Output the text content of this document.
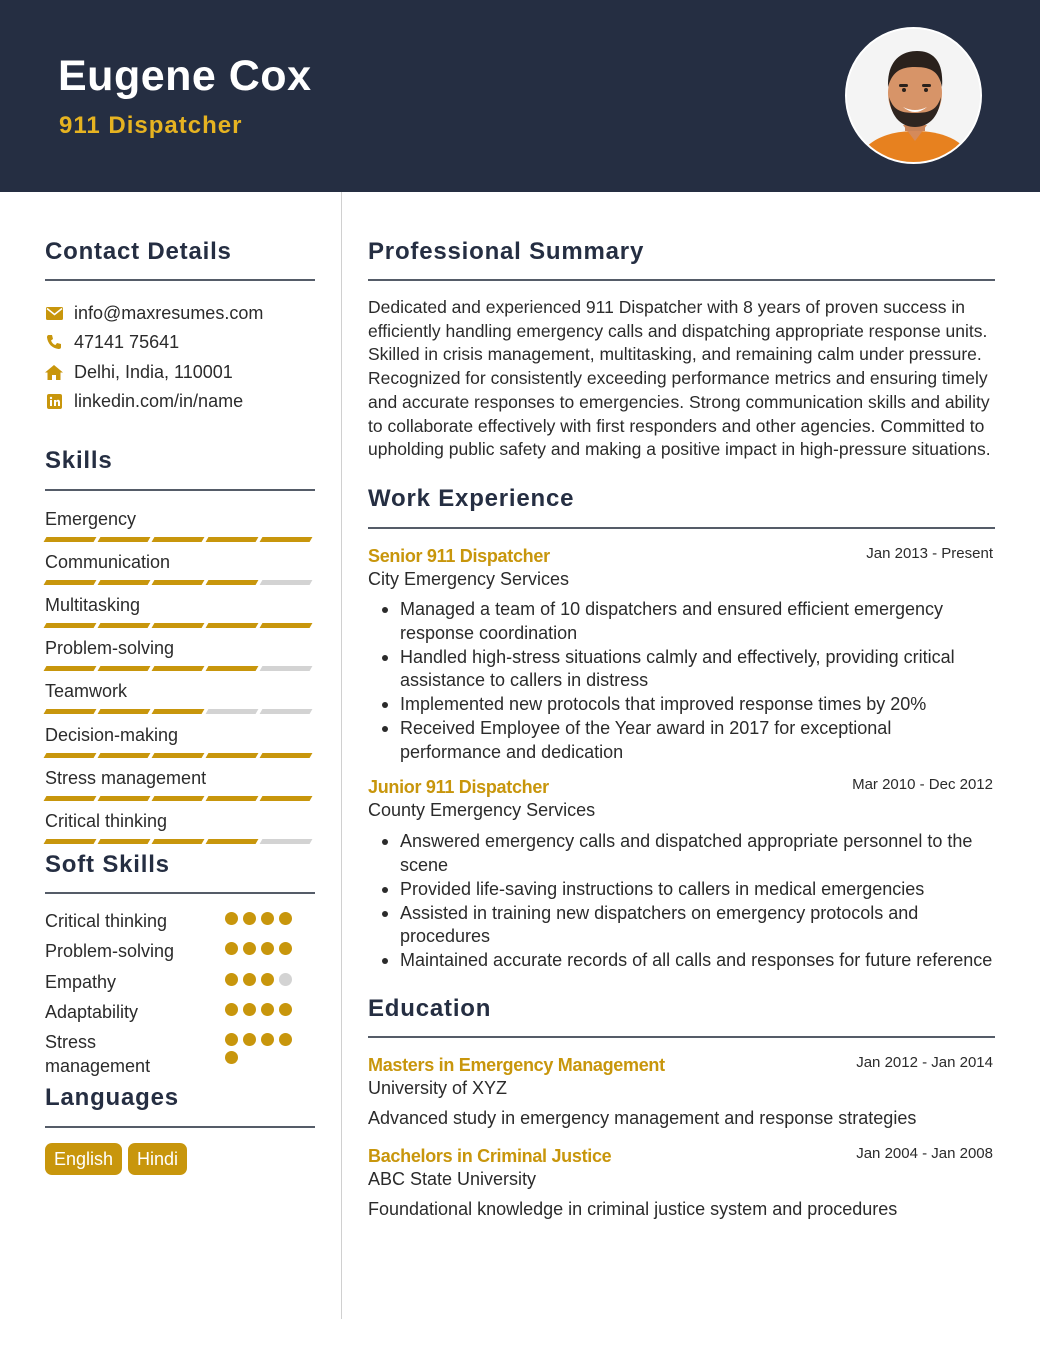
Eugene Cox
911 Dispatcher
Contact Details
info@maxresumes.com
47141 75641
Delhi, India, 110001
linkedin.com/in/name
Skills
Emergency
Communication
Multitasking
Problem-solving
Teamwork
Decision-making
Stress management
Critical thinking
Soft Skills
Critical thinking
Problem-solving
Empathy
Adaptability
Stress management
Languages
English	Hindi
Professional Summary
Dedicated and experienced 911 Dispatcher with 8 years of proven success in efficiently handling emergency calls and dispatching appropriate response units. Skilled in crisis management, multitasking, and remaining calm under pressure. Recognized for consistently exceeding performance metrics and ensuring timely and accurate responses to emergencies. Strong communication skills and ability to collaborate effectively with first responders and other agencies. Committed to upholding public safety and making a positive impact in high-pressure situations.
Work Experience
Senior 911 Dispatcher	Jan 2013 - Present
City Emergency Services
Managed a team of 10 dispatchers and ensured efficient emergency response coordination
Handled high-stress situations calmly and effectively, providing critical assistance to callers in distress
Implemented new protocols that improved response times by 20%
Received Employee of the Year award in 2017 for exceptional performance and dedication
Junior 911 Dispatcher	Mar 2010 - Dec 2012
County Emergency Services
Answered emergency calls and dispatched appropriate personnel to the scene
Provided life-saving instructions to callers in medical emergencies
Assisted in training new dispatchers on emergency protocols and procedures
Maintained accurate records of all calls and responses for future reference
Education
Masters in Emergency Management	Jan 2012 - Jan 2014
University of XYZ
Advanced study in emergency management and response strategies
Bachelors in Criminal Justice	Jan 2004 - Jan 2008
ABC State University
Foundational knowledge in criminal justice system and procedures
